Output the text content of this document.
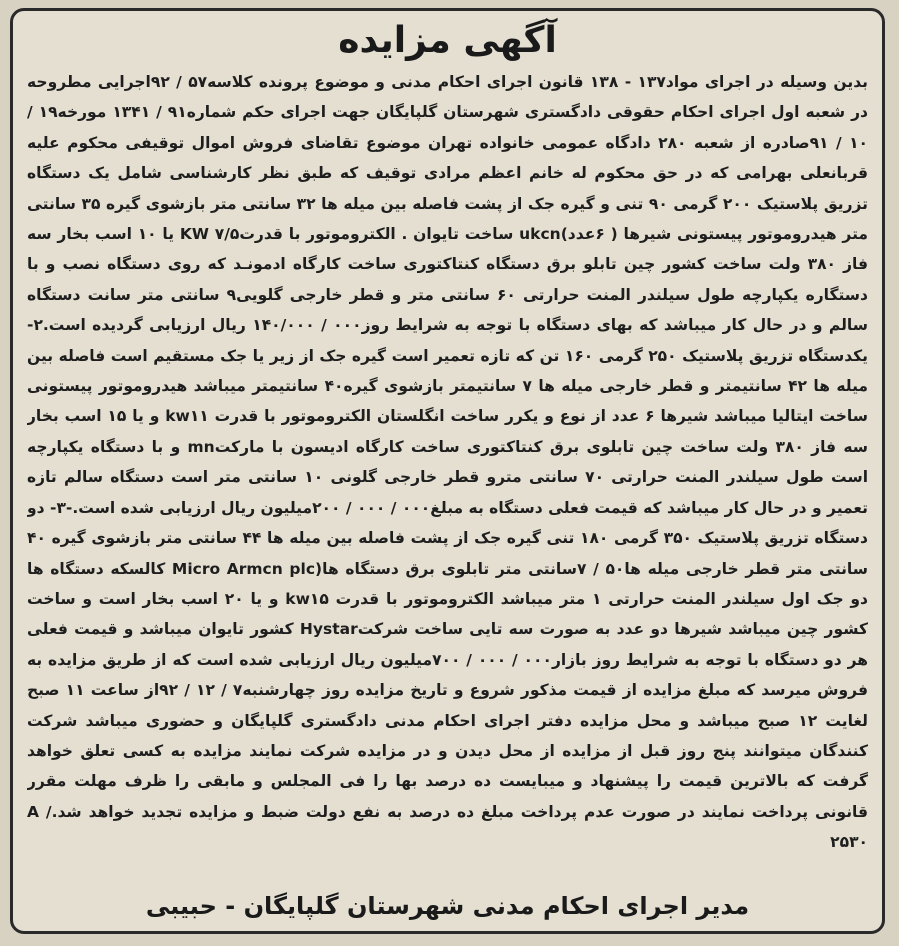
آگهی مزایده
بدین وسیله در اجرای مواد۱۳۷ - ۱۳۸ قانون اجرای احکام مدنی و موضوع پرونده کلاسه۵۷ / ۹۲اجرایی مطروحه در شعبه اول اجرای احکام حقوقی دادگستری شهرستان گلپایگان جهت اجرای حکم شماره۹۱ / ۱۳۴۱ مورخه۱۹ / ۱۰ / ۹۱صادره از شعبه ۲۸۰ دادگاه عمومی خانواده تهران موضوع تقاضای فروش اموال توقیفی محکوم علیه قربانعلی بهرامی که در حق محکوم له خانم اعظم مرادی توقیف که طبق نظر کارشناسی شامل یک دستگاه تزریق پلاستیک ۲۰۰ گرمی ۹۰ تنی و گیره جک از پشت فاصله بین میله ها ۳۲ سانتی متر بازشوی گیره ۳۵ سانتی متر هیدروموتور پیستونی شیرها ( ۶عدد)ukcn ساخت تایوان . الکتروموتور با قدرتKW ۷/۵ یا ۱۰ اسب بخار سه فاز ۳۸۰ ولت ساخت کشور چین تابلو برق دستگاه کنتاکتوری ساخت کارگاه ادمونـد که روی دستگاه نصب و با دستگاره یکپارچه طول سیلندر المنت حرارتی ۶۰ سانتی متر و قطر خارجی گلویی۹ سانتی متر سانت دستگاه سالم و در حال کار میباشد که بهای دستگاه با توجه به شرایط روز۰۰۰ / ۱۴۰/۰۰۰ ریال ارزیابی گردیده است.۲- یکدستگاه تزریق پلاستیک ۲۵۰ گرمی ۱۶۰ تن که تازه تعمیر است گیره جک از زیر یا جک مستقیم است فاصله بین میله ها ۴۲ سانتیمتر و قطر خارجی میله ها ۷ سانتیمتر بازشوی گیره۴۰ سانتیمتر میباشد هیدروموتور پیستونی ساخت ایتالیا میباشد شیرها ۶ عدد از نوع و یکرر ساخت انگلستان الکتروموتور با قدرت kw۱۱ و یا ۱۵ اسب بخار سه فاز ۳۸۰ ولت ساخت چین تابلوی برق کنتاکتوری ساخت کارگاه ادیسون با مارکتmn و با دستگاه یکپارچه است طول سیلندر المنت حرارتی ۷۰ سانتی مترو قطر خارجی گلونی ۱۰ سانتی متر است دستگاه سالم تازه تعمیر و در حال کار میباشد که قیمت فعلی دستگاه به مبلغ۰۰۰ / ۰۰۰ / ۲۰۰میلیون ریال ارزیابی شده است.-۳- دو دستگاه تزریق پلاستیک ۳۵۰ گرمی ۱۸۰ تنی گیره جک از پشت فاصله بین میله ها ۴۴ سانتی متر بازشوی گیره ۴۰ سانتی متر قطر خارجی میله ها۵۰ / ۷سانتی متر تابلوی برق دستگاه ها(Micro Armcn plc کالسکه دستگاه ها دو جک اول سیلندر المنت حرارتی ۱ متر میباشد الکتروموتور با قدرت kw۱۵ و یا ۲۰ اسب بخار است و ساخت کشور چین میباشد شیرها دو عدد به صورت سه تایی ساخت شرکتHystar کشور تایوان میباشد و قیمت فعلی هر دو دستگاه با توجه به شرایط روز بازار۰۰۰ / ۰۰۰ / ۷۰۰میلیون ریال ارزیابی شده است که از طریق مزایده به فروش میرسد که مبلغ مزایده از قیمت مذکور شروع و تاریخ مزایده روز چهارشنبه۷ / ۱۲ / ۹۲از ساعت ۱۱ صبح لغایت ۱۲ صبح میباشد و محل مزایده دفتر اجرای احکام مدنی دادگستری گلپایگان و حضوری میباشد شرکت کنندگان میتوانند پنج روز قبل از مزایده از محل دیدن و در مزایده شرکت نمایند مزایده به کسی تعلق خواهد گرفت که بالاترین قیمت را پیشنهاد و میبایست ده درصد بها را فی المجلس و مابقی را ظرف مهلت مقرر قانونی پرداخت نمایند در صورت عدم پرداخت مبلغ ده درصد به نفع دولت ضبط و مزایده تجدید خواهد شد.A /۲۵۳۰
مدیر اجرای احکام مدنی شهرستان گلپایگان - حبیبی
